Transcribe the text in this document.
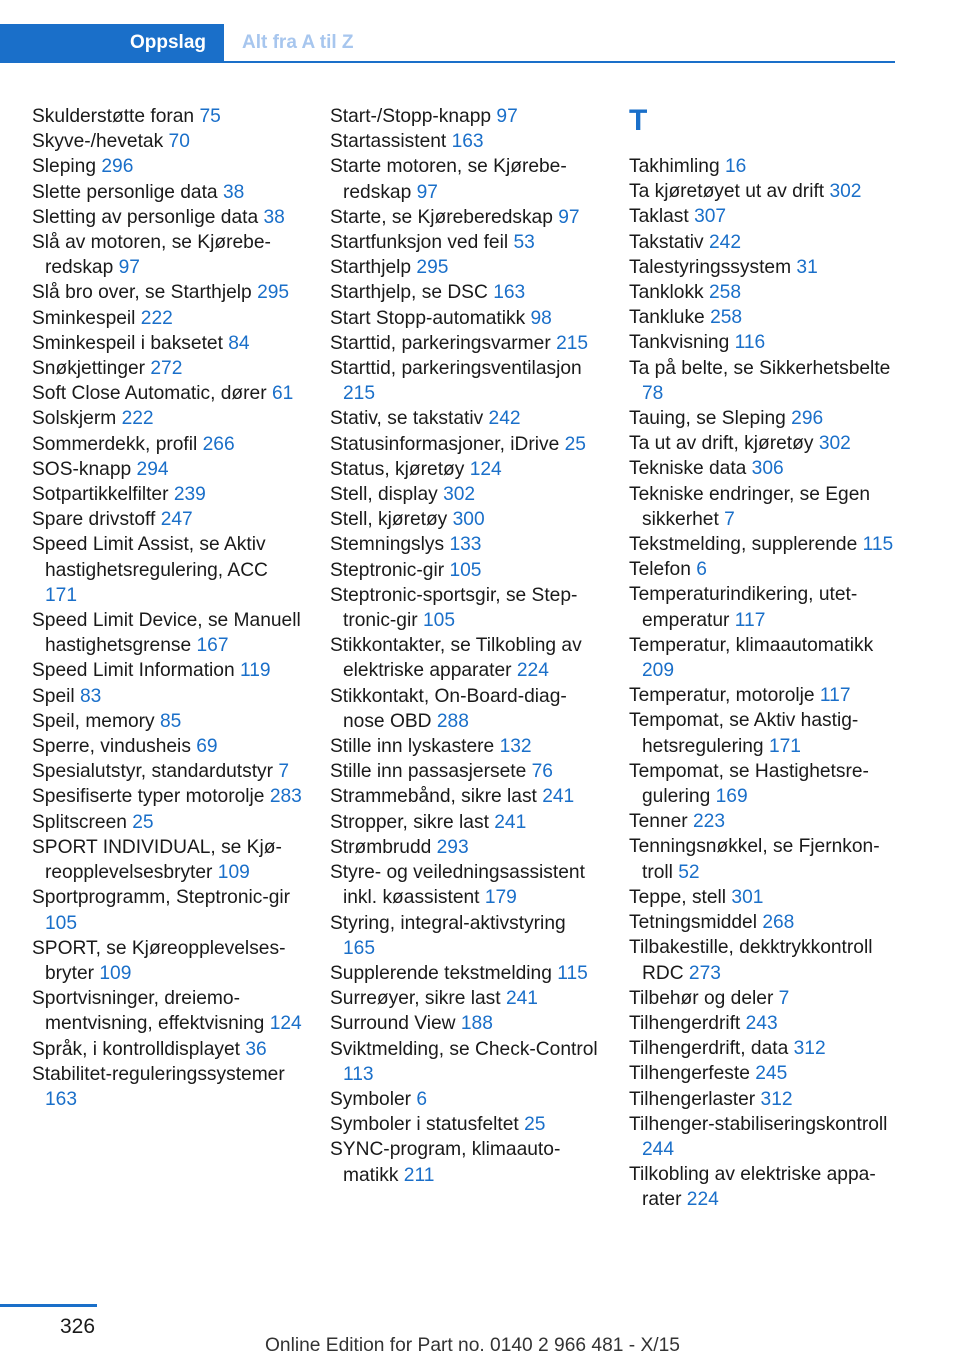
Oppslag	Alt fra A til Z
Skulderstøtte foran 75
Skyve-/hevetak 70
Sleping 296
Slette personlige data 38
Sletting av personlige data 38
Slå av motoren, se Kjøreberedskap 97
Slå bro over, se Starthjelp 295
Sminkespeil 222
Sminkespeil i baksetet 84
Snøkjettinger 272
Soft Close Automatic, dører 61
Solskjerm 222
Sommerdekk, profil 266
SOS-knapp 294
Sotpartikkelfilter 239
Spare drivstoff 247
Speed Limit Assist, se Aktiv hastighetsregulering, ACC 171
Speed Limit Device, se Manuell hastighetsgrense 167
Speed Limit Information 119
Speil 83
Speil, memory 85
Sperre, vindusheis 69
Spesialutstyr, standardutstyr 7
Spesifiserte typer motorolje 283
Splitscreen 25
SPORT INDIVIDUAL, se Kjøreopplevelsesbryter 109
Sportprogramm, Steptronic-gir 105
SPORT, se Kjøreopplevelsesbryter 109
Sportvisninger, dreiemomentvisning, effektvisning 124
Språk, i kontrolldisplayet 36
Stabilitet-reguleringssystemer 163
Start-/Stopp-knapp 97
Startassistent 163
Starte motoren, se Kjøreberedskap 97
Starte, se Kjøreberedskap 97
Startfunksjon ved feil 53
Starthjelp 295
Starthjelp, se DSC 163
Start Stopp-automatikk 98
Starttid, parkeringsvarmer 215
Starttid, parkeringsventilasjon 215
Stativ, se takstativ 242
Statusinformasjoner, iDrive 25
Status, kjøretøy 124
Stell, display 302
Stell, kjøretøy 300
Stemningslys 133
Steptronic-gir 105
Steptronic-sportsgir, se Steptronic-gir 105
Stikkontakter, se Tilkobling av elektriske apparater 224
Stikkontakt, On-Board-diagnose OBD 288
Stille inn lyskastere 132
Stille inn passasjersete 76
Strammebånd, sikre last 241
Stropper, sikre last 241
Strømbrudd 293
Styre- og veiledningsassistent inkl. køassistent 179
Styring, integral-aktivstyring 165
Supplerende tekstmelding 115
Surreøyer, sikre last 241
Surround View 188
Sviktmelding, se Check-Control 113
Symboler 6
Symboler i statusfeltet 25
SYNC-program, klimaautomatikk 211
T
Takhimling 16
Ta kjøretøyet ut av drift 302
Taklast 307
Takstativ 242
Talestyringssystem 31
Tanklokk 258
Tankluke 258
Tankvisning 116
Ta på belte, se Sikkerhetsbelte 78
Tauing, se Sleping 296
Ta ut av drift, kjøretøy 302
Tekniske data 306
Tekniske endringer, se Egen sikkerhet 7
Tekstmelding, supplerende 115
Telefon 6
Temperaturindikering, utetemperatur 117
Temperatur, klimaautomatikk 209
Temperatur, motorolje 117
Tempomat, se Aktiv hastighetsregulering 171
Tempomat, se Hastighetsregulering 169
Tenner 223
Tenningsnøkkel, se Fjernkontroll 52
Teppe, stell 301
Tetningsmiddel 268
Tilbakestille, dekktrykkontroll RDC 273
Tilbehør og deler 7
Tilhengerdrift 243
Tilhengerdrift, data 312
Tilhengerfeste 245
Tilhengerlaster 312
Tilhenger-stabiliseringskontroll 244
Tilkobling av elektriske apparater 224
326
Online Edition for Part no. 0140 2 966 481 - X/15
